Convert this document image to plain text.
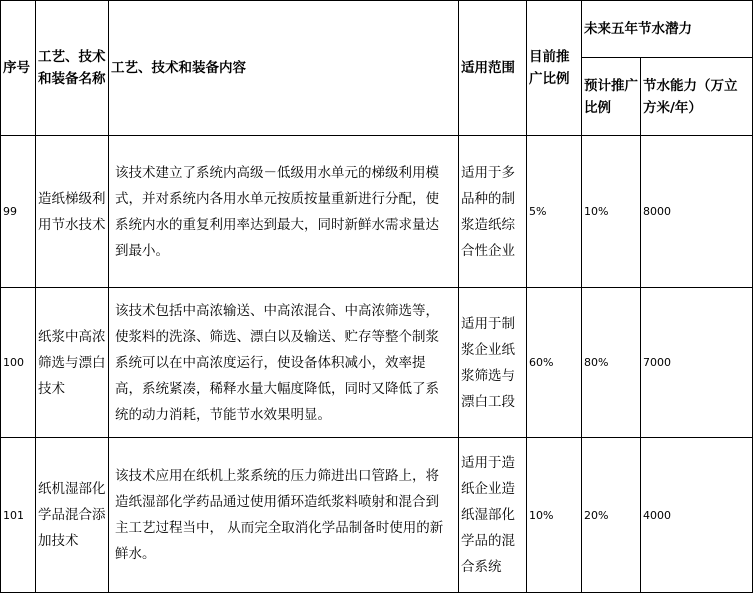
序号	工艺、技术和装备名称	工艺、技术和装备内容	适用范围	目前推广比例	未来五年节水潜力	
					预计推广比例	节水能力（万立方米/年）
99	造纸梯级利用节水技术	该技术建立了系统内高级－低级用水单元的梯级利用模式，并对系统内各用水单元按质按量重新进行分配，使系统内水的重复利用率达到最大，同时新鲜水需求量达到最小。	适用于多品种的制浆造纸综合性企业	5%	10%	8000
100	纸浆中高浓筛选与漂白技术	该技术包括中高浓输送、中高浓混合、中高浓筛选等，使浆料的洗涤、筛选、漂白以及输送、贮存等整个制浆系统可以在中高浓度运行，使设备体积减小，效率提高，系统紧凑，稀释水量大幅度降低，同时又降低了系统的动力消耗，节能节水效果明显。	适用于制浆企业纸浆筛选与漂白工段	60%	80%	7000
101	纸机湿部化学品混合添加技术	该技术应用在纸机上浆系统的压力筛进出口管路上，将造纸湿部化学药品通过使用循环造纸浆料喷射和混合到主工艺过程当中， 从而完全取消化学品制备时使用的新鲜水。	适用于造纸企业造纸湿部化学品的混合系统	10%	20%	4000
